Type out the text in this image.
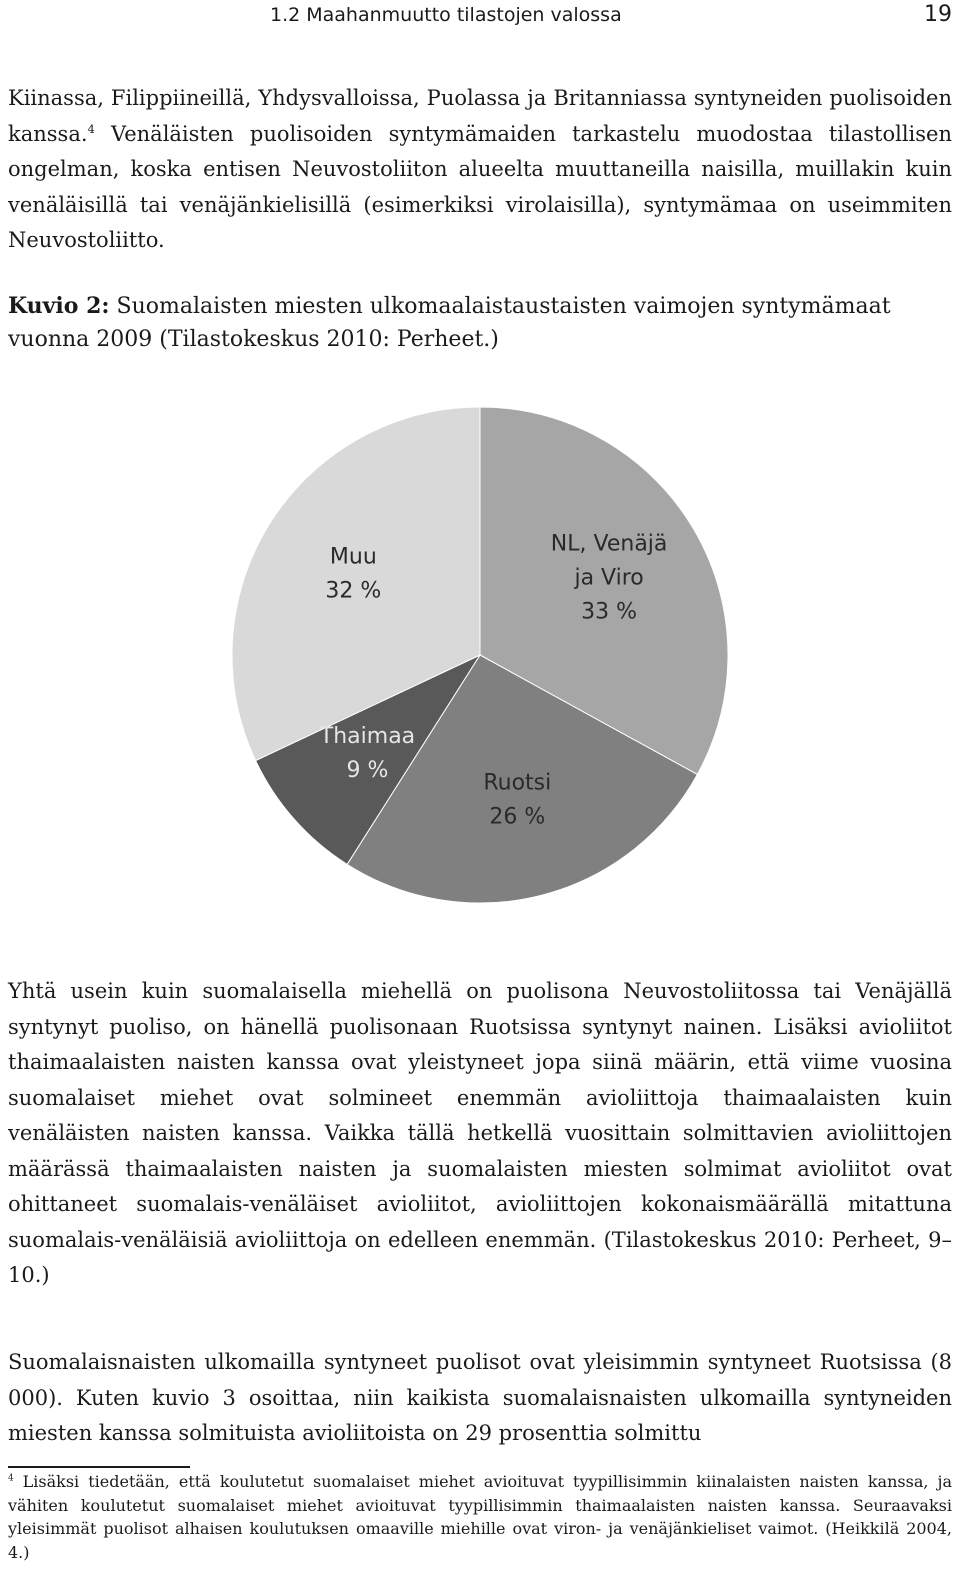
1.2 Maahanmuutto tilastojen valossa	19

Kiinassa, Filippiineillä, Yhdysvalloissa, Puolassa ja Britanniassa syntyneiden puolisoiden kanssa.$^4$ Venäläisten puolisoiden syntymämaiden tarkastelu muodostaa tilastollisen ongelman, koska entisen Neuvostoliiton alueelta muuttaneilla naisilla, muillakin kuin venäläisillä tai venäjänkielisillä (esimerkiksi virolaisilla), syntymämaa on useimmiten Neuvostoliitto.

Kuvio 2: Suomalaisten miesten ulkomaalaistaustaisten vaimojen syntymämaat vuonna 2009 (Tilastokeskus 2010: Perheet.)

NL, Venäjä
ja Viro
33 %
Ruotsi
26 %
Thaimaa
9 %
Muu
32 %

Yhtä usein kuin suomalaisella miehellä on puolisona Neuvostoliitossa tai Venäjällä syntynyt puoliso, on hänellä puolisonaan Ruotsissa syntynyt nainen. Lisäksi avioliitot thaimaalaisten naisten kanssa ovat yleistyneet jopa siinä määrin, että viime vuosina suomalaiset miehet ovat solmineet enemmän avioliittoja thaimaalaisten kuin venäläisten naisten kanssa. Vaikka tällä hetkellä vuosittain solmittavien avioliittojen määrässä thaimaalaisten naisten ja suomalaisten miesten solmimat avioliitot ovat ohittaneet suomalais-venäläiset avioliitot, avioliittojen kokonaismäärällä mitattuna suomalais-venäläisiä avioliittoja on edelleen enemmän. (Tilastokeskus 2010: Perheet, 9–10.)

Suomalaisnaisten ulkomailla syntyneet puolisot ovat yleisimmin syntyneet Ruotsissa (8 000). Kuten kuvio 3 osoittaa, niin kaikista suomalaisnaisten ulkomailla syntyneiden miesten kanssa solmituista avioliitoista on 29 prosenttia solmittu

$^4$ Lisäksi tiedetään, että koulutetut suomalaiset miehet avioituvat tyypillisimmin kiinalaisten naisten kanssa, ja vähiten koulutetut suomalaiset miehet avioituvat tyypillisimmin thaimaalaisten naisten kanssa. Seuraavaksi yleisimmät puolisot alhaisen koulutuksen omaaville miehille ovat viron- ja venäjänkieliset vaimot. (Heikkilä 2004, 4.)
